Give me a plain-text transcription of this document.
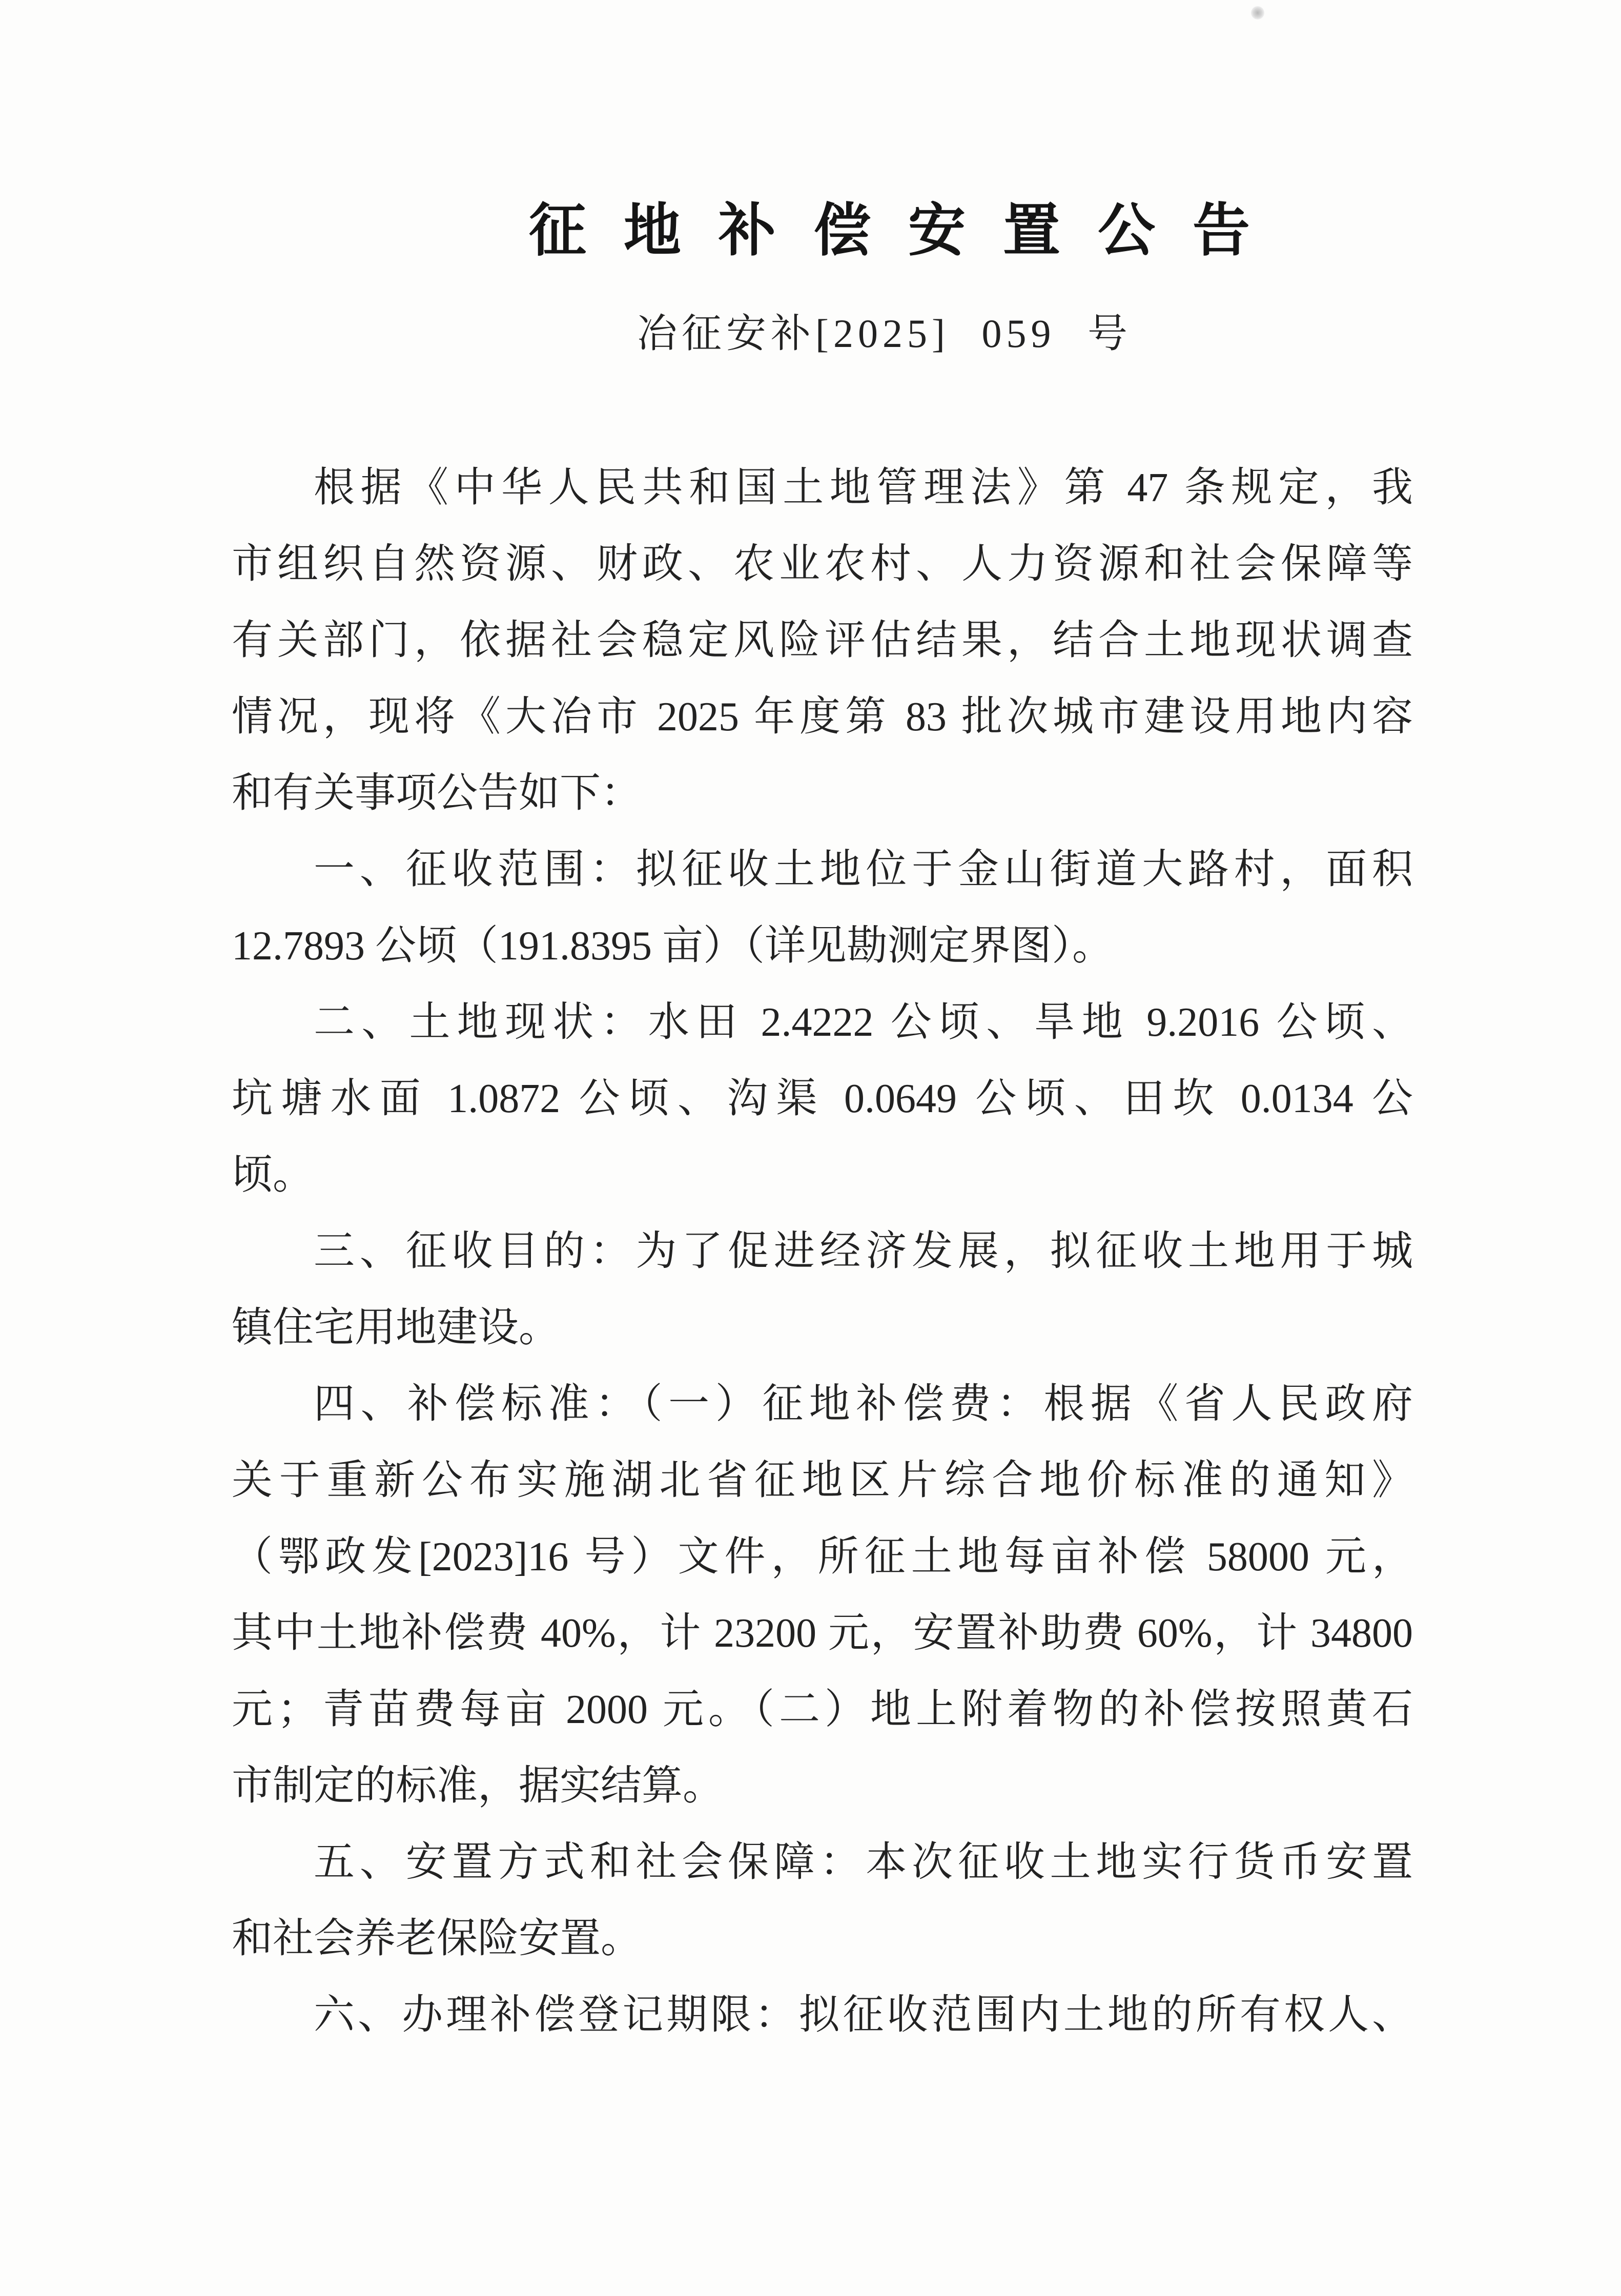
征地补偿安置公告
冶征安补[2025] 059 号

根据《中华人民共和国土地管理法》第 47 条规定，我

市组织自然资源、财政、农业农村、人力资源和社会保障等

有关部门，依据社会稳定风险评估结果，结合土地现状调查

情况，现将《大冶市 2025 年度第 83 批次城市建设用地内容

和有关事项公告如下：

一、征收范围：拟征收土地位于金山街道大路村，面积

12.7893 公顷（191.8395 亩）（详见勘测定界图）。

二、土地现状：水田 2.4222 公顷、旱地 9.2016 公顷、

坑塘水面 1.0872 公顷、沟渠 0.0649 公顷、田坎 0.0134 公

顷。

三、征收目的：为了促进经济发展，拟征收土地用于城

镇住宅用地建设。

四、补偿标准：（一）征地补偿费：根据《省人民政府

关于重新公布实施湖北省征地区片综合地价标准的通知》

（鄂政发[2023]16 号）文件，所征土地每亩补偿 58000 元，

其中土地补偿费 40%，计 23200 元，安置补助费 60%，计 34800

元；青苗费每亩 2000 元。（二）地上附着物的补偿按照黄石

市制定的标准，据实结算。

五、安置方式和社会保障：本次征收土地实行货币安置

和社会养老保险安置。

六、办理补偿登记期限：拟征收范围内土地的所有权人、
